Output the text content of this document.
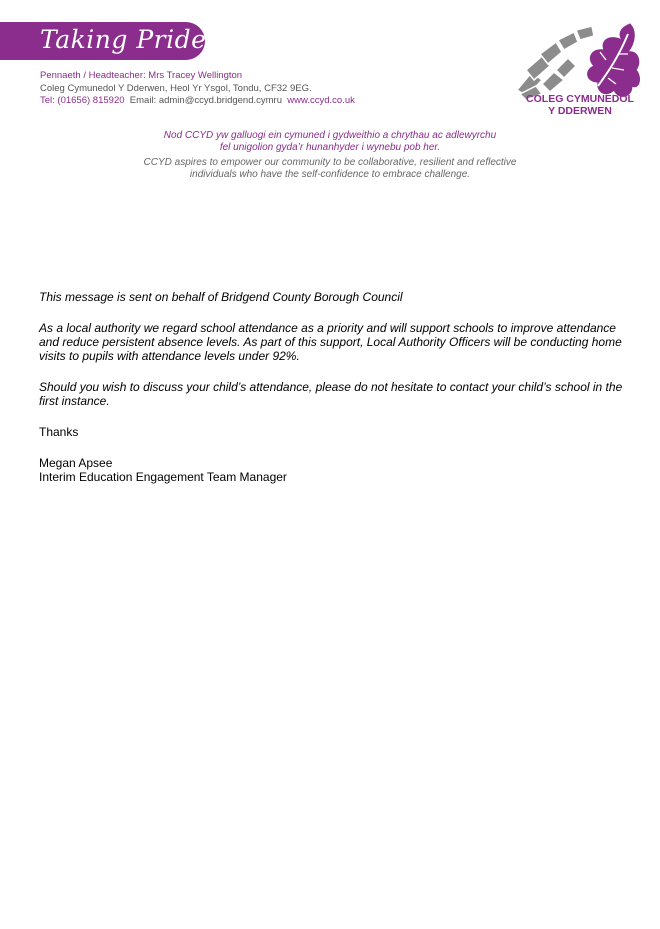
Taking Pride
Pennaeth / Headteacher: Mrs Tracey Wellington
Coleg Cymunedol Y Dderwen, Heol Yr Ysgol, Tondu, CF32 9EG.
Tel: (01656) 815920 Email: admin@ccyd.bridgend.cymru www.ccyd.co.uk	COLEG CYMUNEDOL
Y DDERWEN
Nod CCYD yw galluogi ein cymuned i gydweithio a chrythau ac adlewyrchu
fel unigolion gyda’r hunanhyder i wynebu pob her.
CCYD aspires to empower our community to be collaborative, resilient and reflective
individuals who have the self-confidence to embrace challenge.

This message is sent on behalf of Bridgend County Borough Council

As a local authority we regard school attendance as a priority and will support schools to improve attendance and reduce persistent absence levels. As part of this support, Local Authority Officers will be conducting home visits to pupils with attendance levels under 92%.

Should you wish to discuss your child’s attendance, please do not hesitate to contact your child’s school in the first instance.

Thanks

Megan Apsee
Interim Education Engagement Team Manager
